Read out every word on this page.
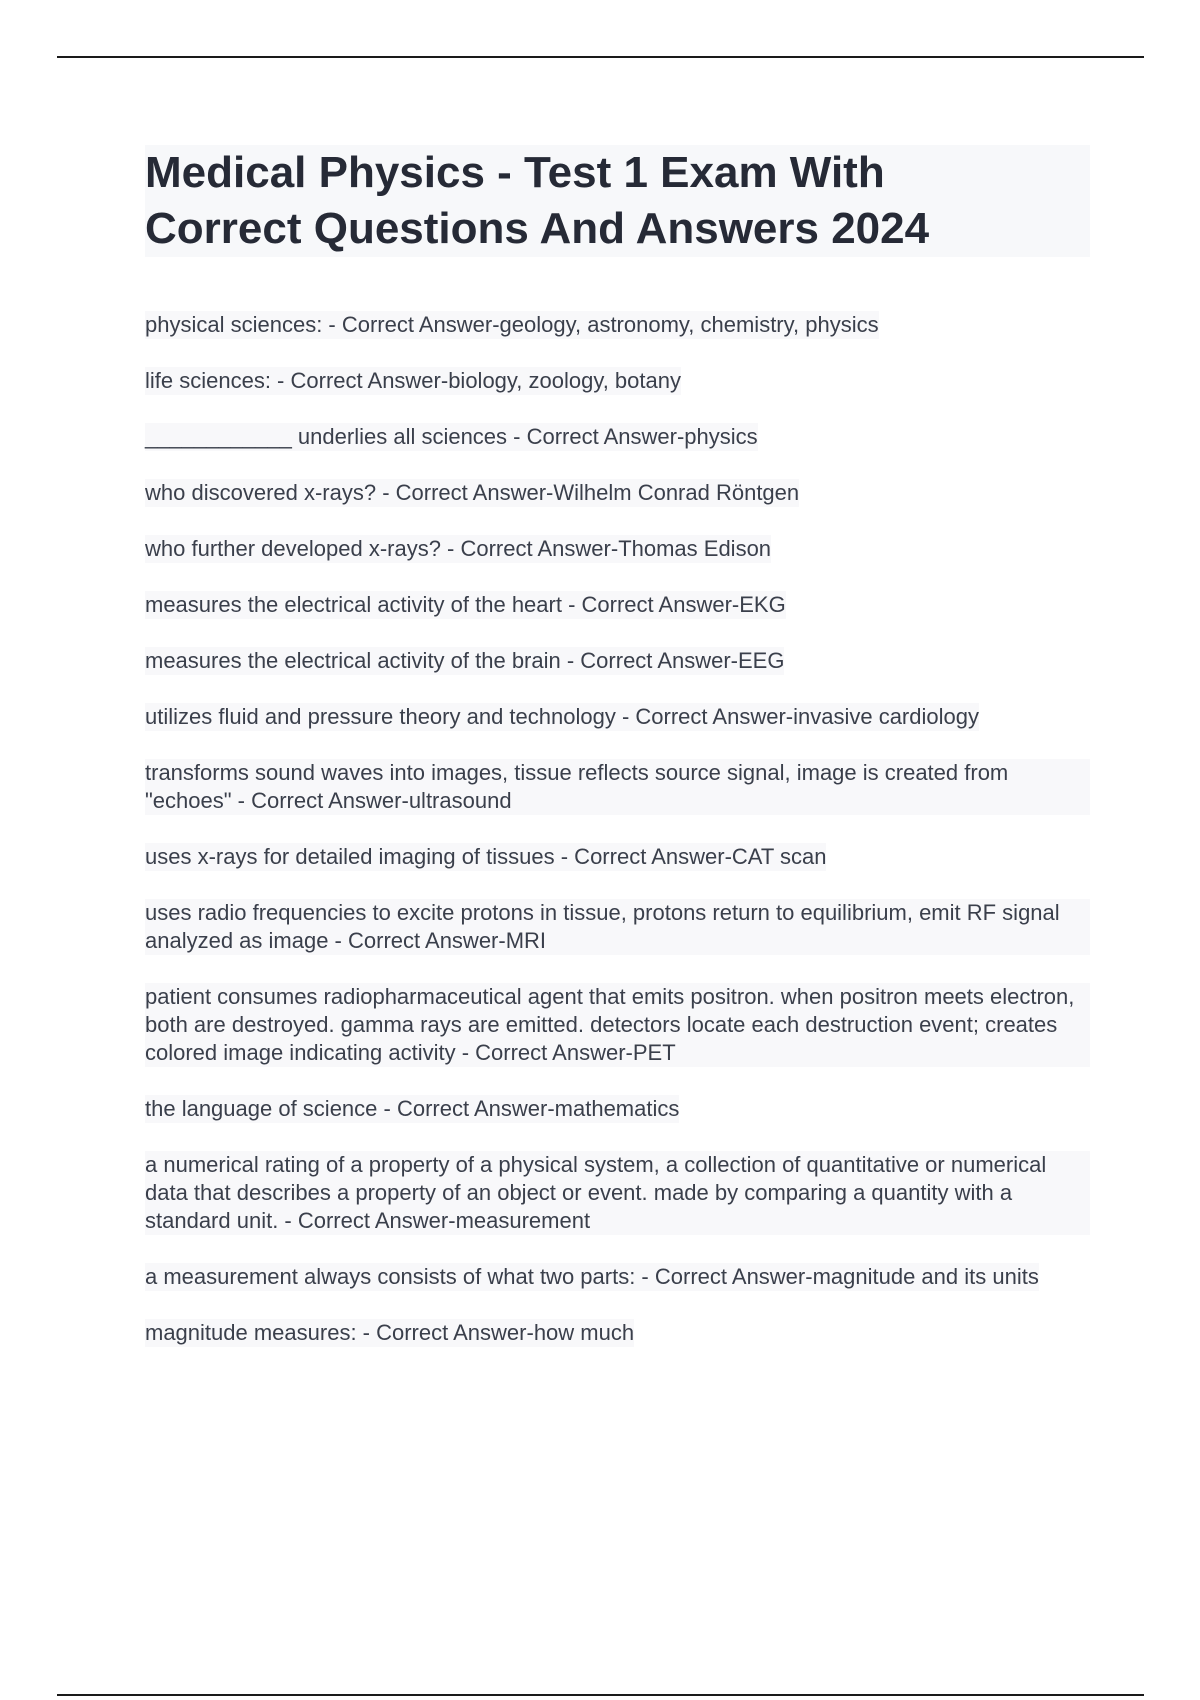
Medical Physics - Test 1 Exam With
Correct Questions And Answers 2024
physical sciences: - Correct Answer-geology, astronomy, chemistry, physics
life sciences: - Correct Answer-biology, zoology, botany
____________ underlies all sciences - Correct Answer-physics
who discovered x-rays? - Correct Answer-Wilhelm Conrad Röntgen
who further developed x-rays? - Correct Answer-Thomas Edison
measures the electrical activity of the heart - Correct Answer-EKG
measures the electrical activity of the brain - Correct Answer-EEG
utilizes fluid and pressure theory and technology - Correct Answer-invasive cardiology
transforms sound waves into images, tissue reflects source signal, image is created from "echoes" - Correct Answer-ultrasound
uses x-rays for detailed imaging of tissues - Correct Answer-CAT scan
uses radio frequencies to excite protons in tissue, protons return to equilibrium, emit RF signal analyzed as image - Correct Answer-MRI
patient consumes radiopharmaceutical agent that emits positron. when positron meets electron, both are destroyed. gamma rays are emitted. detectors locate each destruction event; creates colored image indicating activity - Correct Answer-PET
the language of science - Correct Answer-mathematics
a numerical rating of a property of a physical system, a collection of quantitative or numerical data that describes a property of an object or event. made by comparing a quantity with a standard unit. - Correct Answer-measurement
a measurement always consists of what two parts: - Correct Answer-magnitude and its units
magnitude measures: - Correct Answer-how much
